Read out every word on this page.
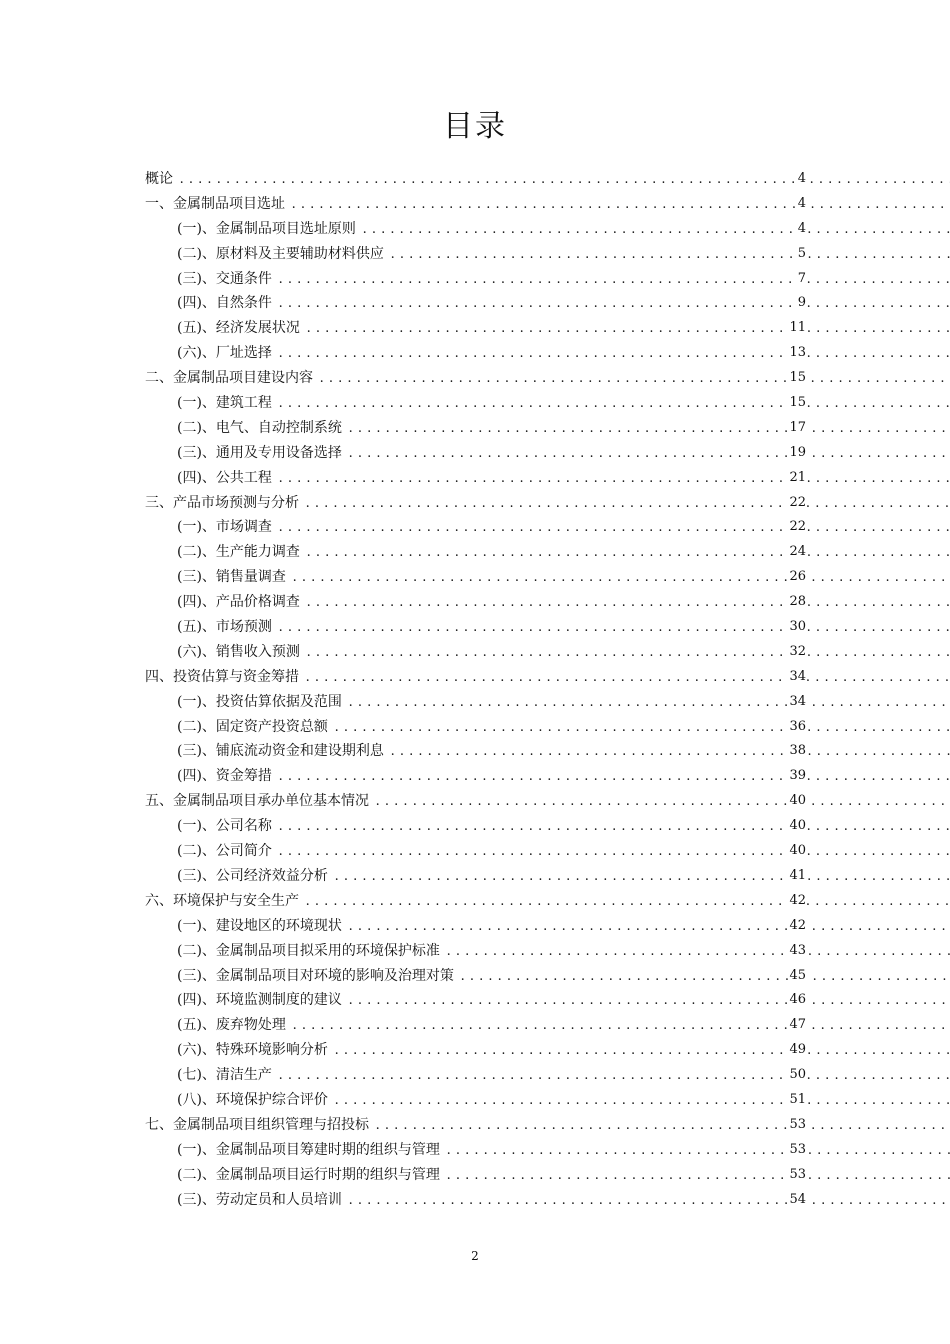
目录
概论 . . .	4
一、金属制品项目选址 . . .	4
(一)、金属制品项目选址原则 . . .	4
(二)、原材料及主要辅助材料供应 . . .	5
(三)、交通条件 . . .	7
(四)、自然条件 . . .	9
(五)、经济发展状况 . . .	11
(六)、厂址选择 . . .	13
二、金属制品项目建设内容 . . .	15
(一)、建筑工程 . . .	15
(二)、电气、自动控制系统 . . .	17
(三)、通用及专用设备选择 . . .	19
(四)、公共工程 . . .	21
三、产品市场预测与分析 . . .	22
(一)、市场调查 . . .	22
(二)、生产能力调查 . . .	24
(三)、销售量调查 . . .	26
(四)、产品价格调查 . . .	28
(五)、市场预测 . . .	30
(六)、销售收入预测 . . .	32
四、投资估算与资金筹措 . . .	34
(一)、投资估算依据及范围 . . .	34
(二)、固定资产投资总额 . . .	36
(三)、铺底流动资金和建设期利息 . . .	38
(四)、资金筹措 . . .	39
五、金属制品项目承办单位基本情况 . . .	40
(一)、公司名称 . . .	40
(二)、公司简介 . . .	40
(三)、公司经济效益分析 . . .	41
六、环境保护与安全生产 . . .	42
(一)、建设地区的环境现状 . . .	42
(二)、金属制品项目拟采用的环境保护标准 . . .	43
(三)、金属制品项目对环境的影响及治理对策 . . .	45
(四)、环境监测制度的建议 . . .	46
(五)、废弃物处理 . . .	47
(六)、特殊环境影响分析 . . .	49
(七)、清洁生产 . . .	50
(八)、环境保护综合评价 . . .	51
七、金属制品项目组织管理与招投标 . . .	53
(一)、金属制品项目筹建时期的组织与管理 . . .	53
(二)、金属制品项目运行时期的组织与管理 . . .	53
(三)、劳动定员和人员培训 . . .	54
2
